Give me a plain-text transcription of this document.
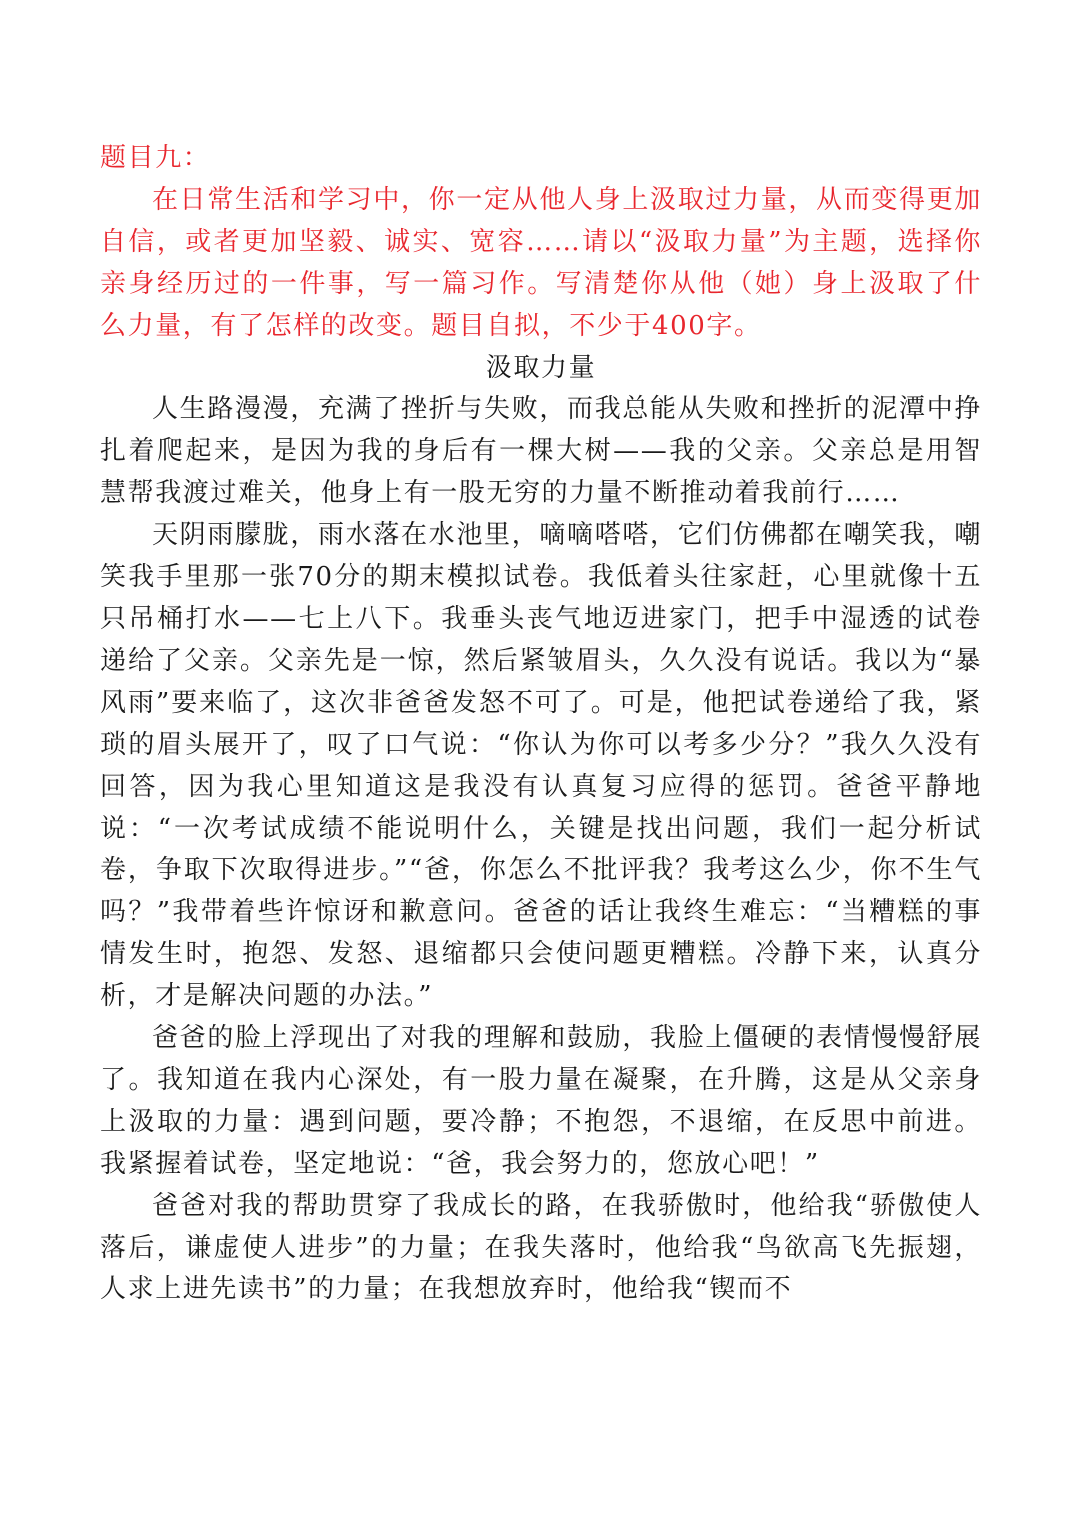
题目九：

在日常生活和学习中，你一定从他人身上汲取过力量，从而变得更加自信，或者更加坚毅、诚实、宽容……请以“汲取力量”为主题，选择你亲身经历过的一件事，写一篇习作。写清楚你从他（她）身上汲取了什么力量，有了怎样的改变。题目自拟，不少于400字。

汲取力量

人生路漫漫，充满了挫折与失败，而我总能从失败和挫折的泥潭中挣扎着爬起来，是因为我的身后有一棵大树——我的父亲。父亲总是用智慧帮我渡过难关，他身上有一股无穷的力量不断推动着我前行……

天阴雨朦胧，雨水落在水池里，嘀嘀嗒嗒，它们仿佛都在嘲笑我，嘲笑我手里那一张70分的期末模拟试卷。我低着头往家赶，心里就像十五只吊桶打水——七上八下。我垂头丧气地迈进家门，把手中湿透的试卷递给了父亲。父亲先是一惊，然后紧皱眉头，久久没有说话。我以为“暴风雨”要来临了，这次非爸爸发怒不可了。可是，他把试卷递给了我，紧琐的眉头展开了，叹了口气说：“你认为你可以考多少分？”我久久没有回答，因为我心里知道这是我没有认真复习应得的惩罚。爸爸平静地说：“一次考试成绩不能说明什么，关键是找出问题，我们一起分析试卷，争取下次取得进步。”“爸，你怎么不批评我？我考这么少，你不生气吗？”我带着些许惊讶和歉意问。爸爸的话让我终生难忘：“当糟糕的事情发生时，抱怨、发怒、退缩都只会使问题更糟糕。冷静下来，认真分析，才是解决问题的办法。”

爸爸的脸上浮现出了对我的理解和鼓励，我脸上僵硬的表情慢慢舒展了。我知道在我内心深处，有一股力量在凝聚，在升腾，这是从父亲身上汲取的力量：遇到问题，要冷静；不抱怨，不退缩，在反思中前进。我紧握着试卷，坚定地说：“爸，我会努力的，您放心吧！”

爸爸对我的帮助贯穿了我成长的路，在我骄傲时，他给我“骄傲使人落后，谦虚使人进步”的力量；在我失落时，他给我“鸟欲高飞先振翅，人求上进先读书”的力量；在我想放弃时，他给我“锲而不
